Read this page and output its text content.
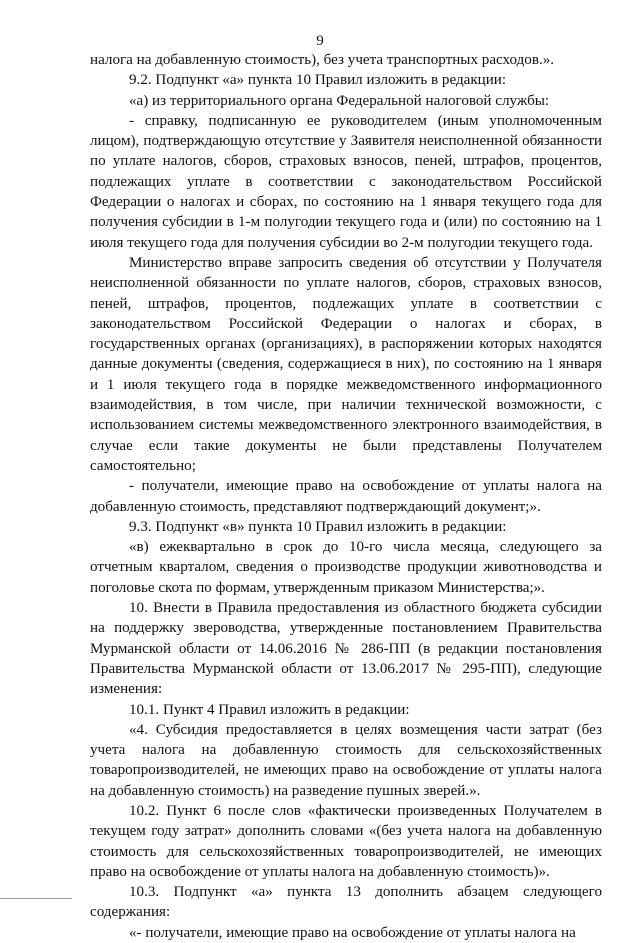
9

налога на добавленную стоимость), без учета транспортных расходов.».

9.2. Подпункт «а» пункта 10 Правил изложить в редакции:

«а) из территориального органа Федеральной налоговой службы:

- справку, подписанную ее руководителем (иным уполномоченным лицом), подтверждающую отсутствие у Заявителя неисполненной обязанности по уплате налогов, сборов, страховых взносов, пеней, штрафов, процентов, подлежащих уплате в соответствии с законодательством Российской Федерации о налогах и сборах, по состоянию на 1 января текущего года для получения субсидии в 1-м полугодии текущего года и (или) по состоянию на 1 июля текущего года для получения субсидии во 2-м полугодии текущего года.

Министерство вправе запросить сведения об отсутствии у Получателя неисполненной обязанности по уплате налогов, сборов, страховых взносов, пеней, штрафов, процентов, подлежащих уплате в соответствии с законодательством Российской Федерации о налогах и сборах, в государственных органах (организациях), в распоряжении которых находятся данные документы (сведения, содержащиеся в них), по состоянию на 1 января и 1 июля текущего года в порядке межведомственного информационного взаимодействия, в том числе, при наличии технической возможности, с использованием системы межведомственного электронного взаимодействия, в случае если такие документы не были представлены Получателем самостоятельно;

- получатели, имеющие право на освобождение от уплаты налога на добавленную стоимость, представляют подтверждающий документ;».

9.3. Подпункт «в» пункта 10 Правил изложить в редакции:

«в) ежеквартально в срок до 10-го числа месяца, следующего за отчетным кварталом, сведения о производстве продукции животноводства и поголовье скота по формам, утвержденным приказом Министерства;».

10. Внести в Правила предоставления из областного бюджета субсидии на поддержку звероводства, утвержденные постановлением Правительства Мурманской области от 14.06.2016 № 286-ПП (в редакции постановления Правительства Мурманской области от 13.06.2017 № 295-ПП), следующие изменения:

10.1. Пункт 4 Правил изложить в редакции:

«4. Субсидия предоставляется в целях возмещения части затрат (без учета налога на добавленную стоимость для сельскохозяйственных товаропроизводителей, не имеющих право на освобождение от уплаты налога на добавленную стоимость) на разведение пушных зверей.».

10.2. Пункт 6 после слов «фактически произведенных Получателем в текущем году затрат» дополнить словами «(без учета налога на добавленную стоимость для сельскохозяйственных товаропроизводителей, не имеющих право на освобождение от уплаты налога на добавленную стоимость)».

10.3. Подпункт «а» пункта 13 дополнить абзацем следующего содержания:

«- получатели, имеющие право на освобождение от уплаты налога на
